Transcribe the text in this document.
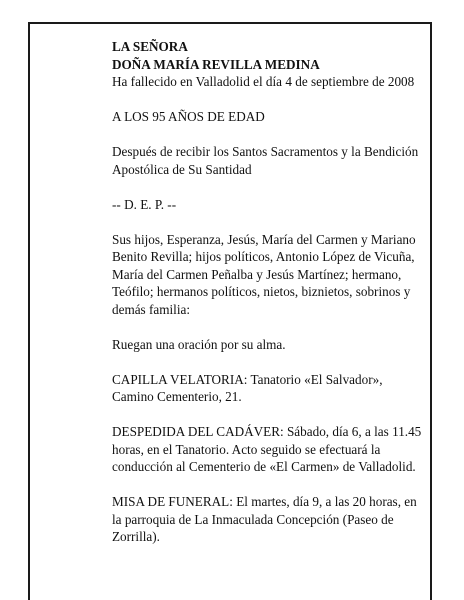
LA SEÑORA
DOÑA MARÍA REVILLA MEDINA
Ha fallecido en Valladolid el día 4 de septiembre de 2008

A LOS 95 AÑOS DE EDAD

Después de recibir los Santos Sacramentos y la Bendición Apostólica de Su Santidad

-- D. E. P. --

Sus hijos, Esperanza, Jesús, María del Carmen y Mariano Benito Revilla; hijos políticos, Antonio López de Vicuña, María del Carmen Peñalba y Jesús Martínez; hermano, Teófilo; hermanos políticos, nietos, biznietos, sobrinos y demás familia:

Ruegan una oración por su alma.

CAPILLA VELATORIA: Tanatorio «El Salvador», Camino Cementerio, 21.

DESPEDIDA DEL CADÁVER: Sábado, día 6, a las 11.45 horas, en el Tanatorio. Acto seguido se efectuará la conducción al Cementerio de «El Carmen» de Valladolid.

MISA DE FUNERAL: El martes, día 9, a las 20 horas, en la parroquia de La Inmaculada Concepción (Paseo de Zorrilla).
